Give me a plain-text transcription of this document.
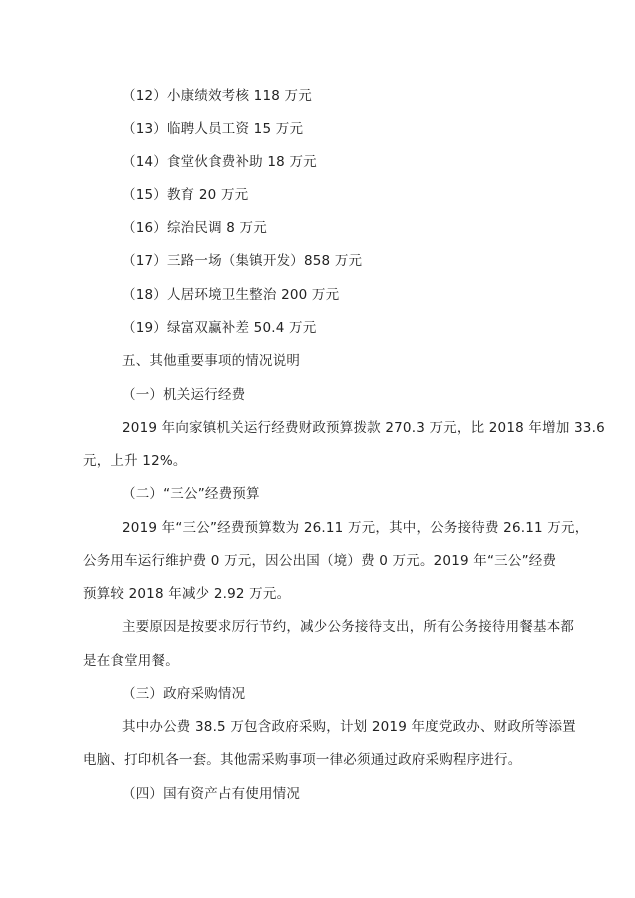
（12）小康绩效考核 118 万元
（13）临聘人员工资 15 万元
（14）食堂伙食费补助 18 万元
（15）教育 20 万元
（16）综治民调 8 万元
（17）三路一场（集镇开发）858 万元
（18）人居环境卫生整治 200 万元
（19）绿富双赢补差 50.4 万元
五、其他重要事项的情况说明
（一）机关运行经费
2019 年向家镇机关运行经费财政预算拨款 270.3 万元，比 2018 年增加 33.6
元，上升 12%。
（二）“三公”经费预算
2019 年“三公”经费预算数为 26.11 万元，其中，公务接待费 26.11 万元，
公务用车运行维护费 0 万元，因公出国（境）费 0 万元。2019 年“三公”经费
预算较 2018 年减少 2.92 万元。
主要原因是按要求厉行节约，减少公务接待支出，所有公务接待用餐基本都
是在食堂用餐。
（三）政府采购情况
其中办公费 38.5 万包含政府采购，计划 2019 年度党政办、财政所等添置
电脑、打印机各一套。其他需采购事项一律必须通过政府采购程序进行。
（四）国有资产占有使用情况
